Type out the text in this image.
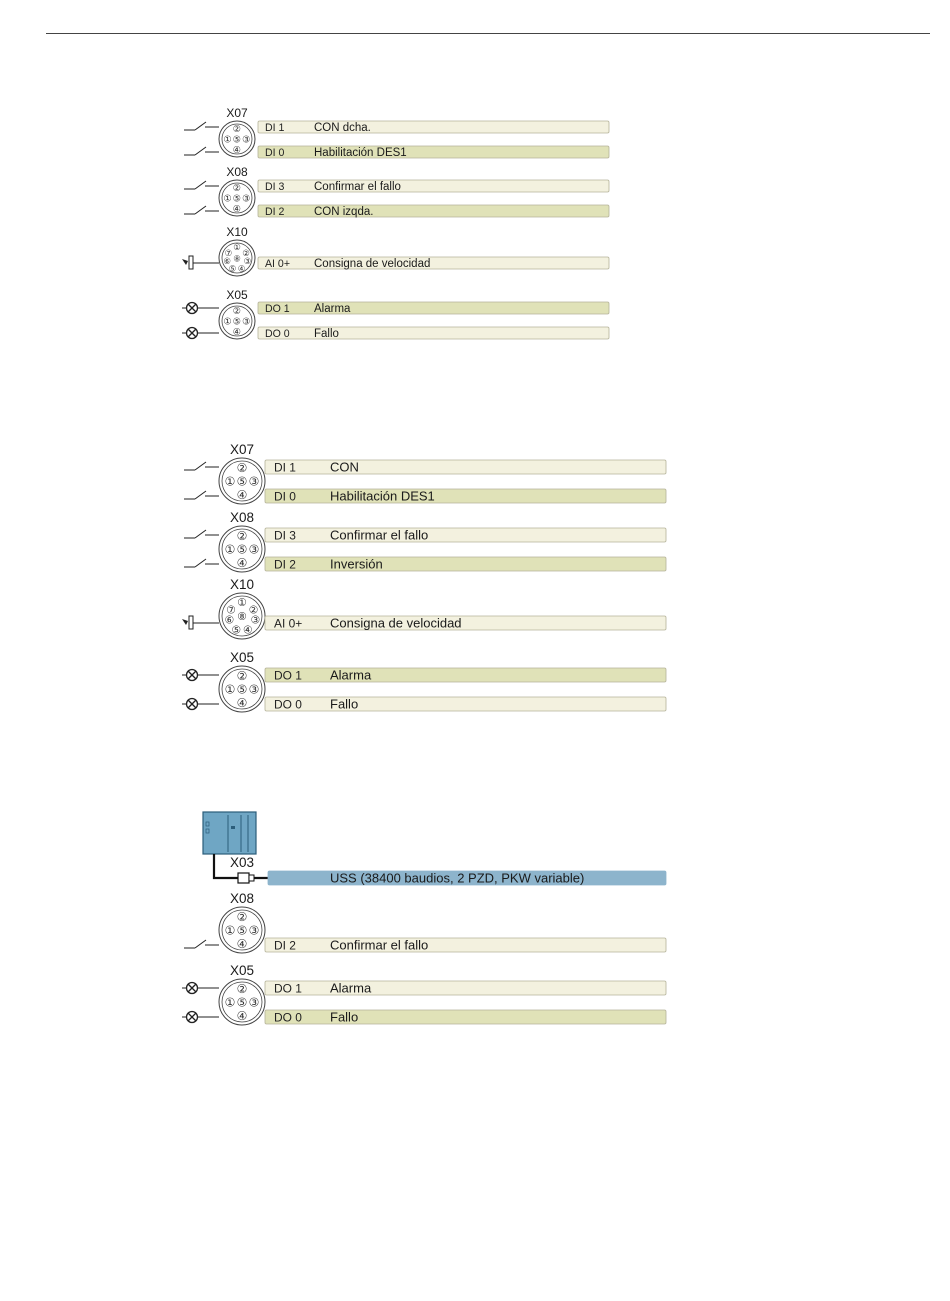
X07
②
① ⑤ ③
④
DI 1	CON dcha.
DI 0	Habilitación DES1
X08
②
① ⑤ ③
④
DI 3	Confirmar el fallo
DI 2	CON izqda.
X10
①
⑦ ②
⑧
⑥ ③
⑤ ④ AI 0+ Consigna de velocidad
X05
②
① ⑤ ③
④
DO 1 Alarma
DO 0 Fallo
X07
②
① ⑤ ③
④
DI 1	CON
DI 0	Habilitación DES1
X08
②
① ⑤ ③
④
DI 3	Confirmar el fallo
DI 2	Inversión
X10
①
⑦ ②
⑧
⑥ ③
⑤ ④ AI 0+ Consigna de velocidad
X05
②
① ⑤ ③
④
DO 1 Alarma
DO 0 Fallo
X03
USS (38400 baudios, 2 PZD, PKW variable)
X08
②
① ⑤ ③
④ DI 2	Confirmar el fallo
X05
②
① ⑤ ③
④
DO 1 Alarma
DO 0 Fallo
